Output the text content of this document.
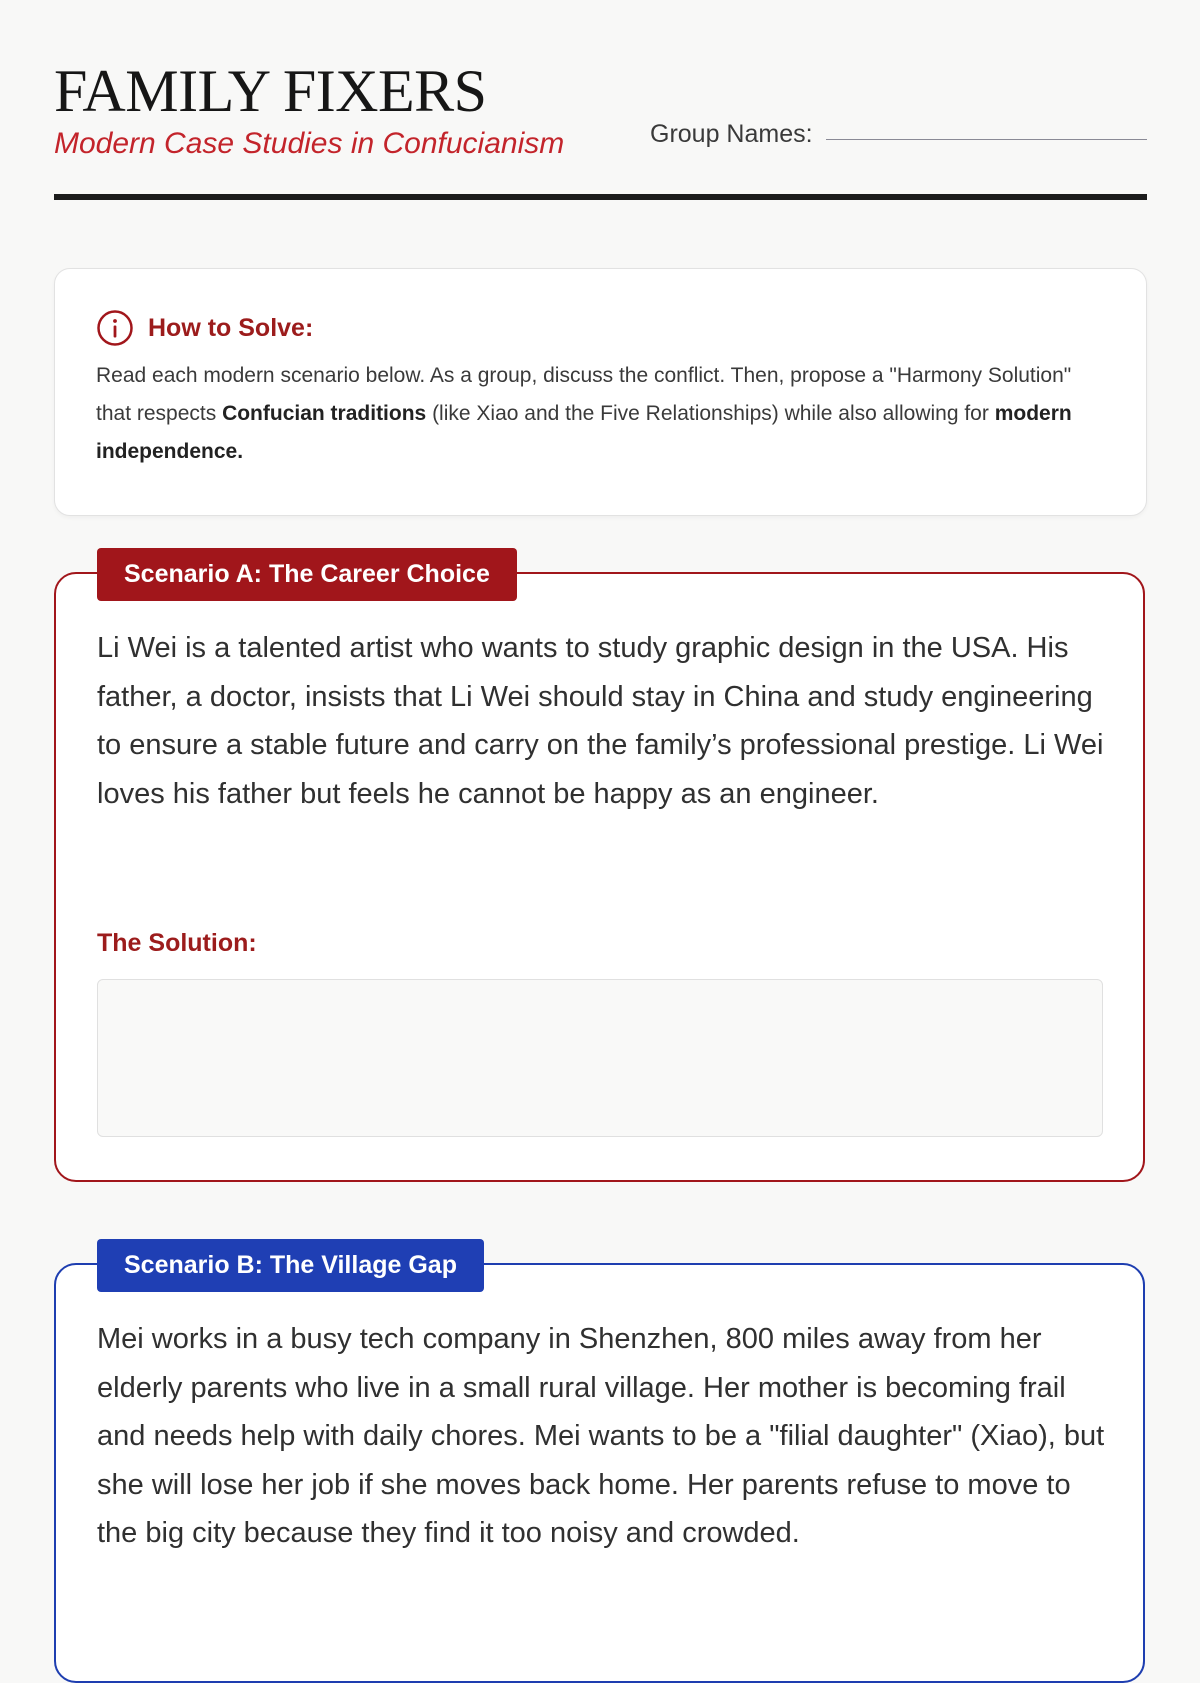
FAMILY FIXERS
Modern Case Studies in Confucianism	Group Names:
How to Solve:
Read each modern scenario below. As a group, discuss the conflict. Then, propose a "Harmony Solution" that respects Confucian traditions (like Xiao and the Five Relationships) while also allowing for modern independence.
Scenario A: The Career Choice
Li Wei is a talented artist who wants to study graphic design in the USA. His father, a doctor, insists that Li Wei should stay in China and study engineering to ensure a stable future and carry on the family’s professional prestige. Li Wei loves his father but feels he cannot be happy as an engineer.
The Solution:
Scenario B: The Village Gap
Mei works in a busy tech company in Shenzhen, 800 miles away from her elderly parents who live in a small rural village. Her mother is becoming frail and needs help with daily chores. Mei wants to be a "filial daughter" (Xiao), but she will lose her job if she moves back home. Her parents refuse to move to the big city because they find it too noisy and crowded.
